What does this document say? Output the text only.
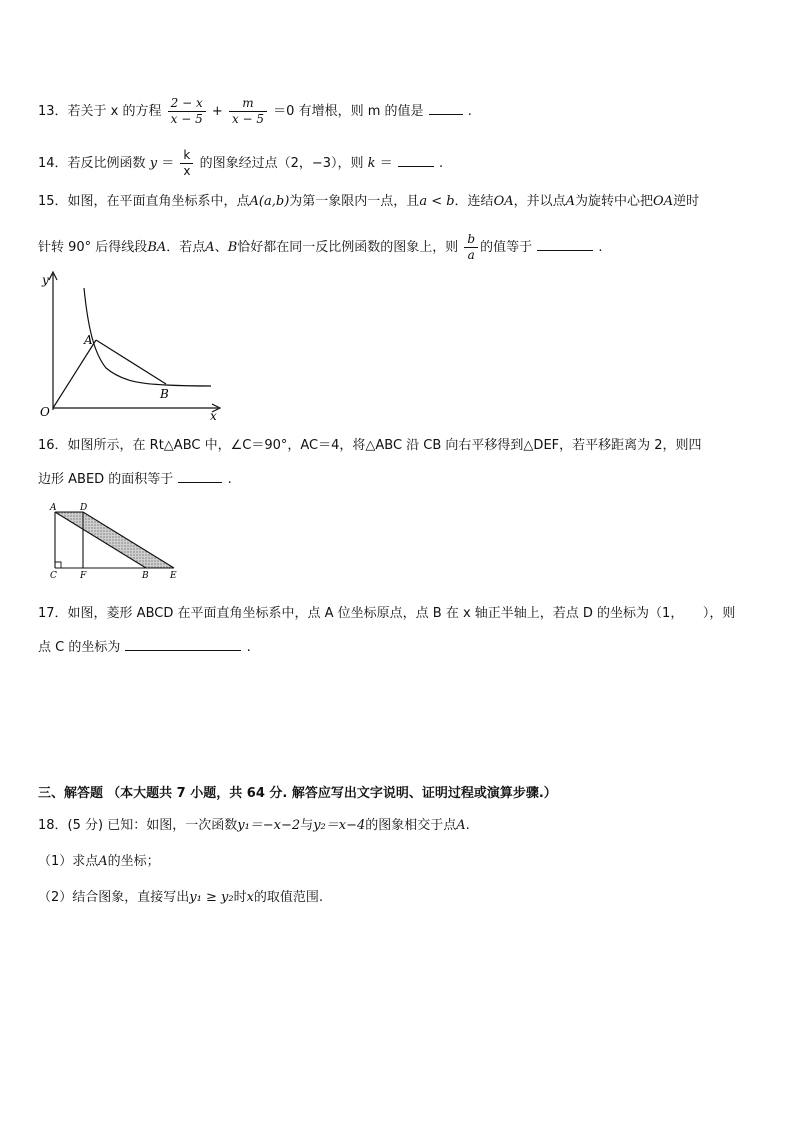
13．若关于 x 的方程 $\frac{2 - x}{x - 5} + \frac{m}{x - 5} =0$ 有增根，则 m 的值是	.
14．若反比例函数 $y = \frac{k}{x}$ 的图象经过点（2，−3），则 k ＝	.
15．如图，在平面直角坐标系中，点A(a,b)为第一象限内一点，且a < b．连结OA，并以点A为旋转中心把OA逆时
针转 90° 后得线段BA．若点A、B恰好都在同一反比例函数的图象上，则 $\frac{b}{a}$ 的值等于	.
y
x
O
A
B
16．如图所示，在 Rt△ABC 中，∠C＝90°，AC＝4，将△ABC 沿 CB 向右平移得到△DEF，若平移距离为 2，则四
边形 ABED 的面积等于	.
A	D
C	F	B E
17．如图，菱形 ABCD 在平面直角坐标系中，点 A 位坐标原点，点 B 在 x 轴正半轴上，若点 D 的坐标为（1，　　），则
点 C 的坐标为	.
三、解答题 （本大题共 7 小题，共 64 分. 解答应写出文字说明、证明过程或演算步骤.）
18．(5 分) 已知：如图，一次函数y₁＝−x−2与y₂＝x−4的图象相交于点A.
（1）求点A的坐标；
（2）结合图象，直接写出y₁ ≥ y₂时x的取值范围.
